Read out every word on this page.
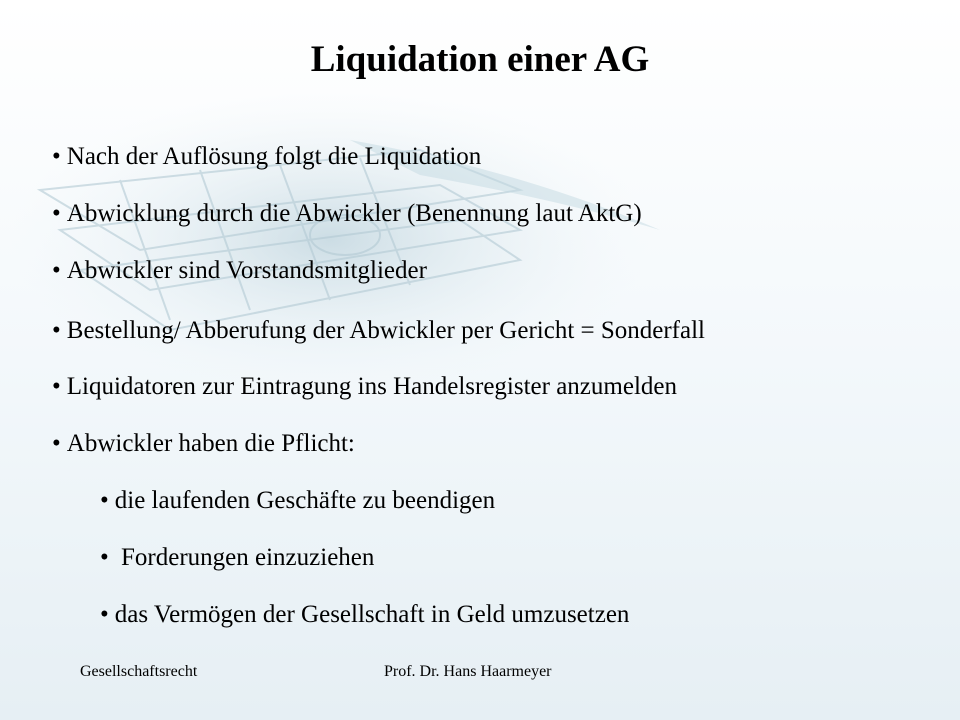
Liquidation einer AG
• Nach der Auflösung folgt die Liquidation
• Abwicklung durch die Abwickler (Benennung laut AktG)
• Abwickler sind Vorstandsmitglieder
• Bestellung/ Abberufung der Abwickler per Gericht = Sonderfall
• Liquidatoren zur Eintragung ins Handelsregister anzumelden
• Abwickler haben die Pflicht:
• die laufenden Geschäfte zu beendigen
• Forderungen einzuziehen
• das Vermögen der Gesellschaft in Geld umzusetzen
Gesellschaftsrecht	Prof. Dr. Hans Haarmeyer
